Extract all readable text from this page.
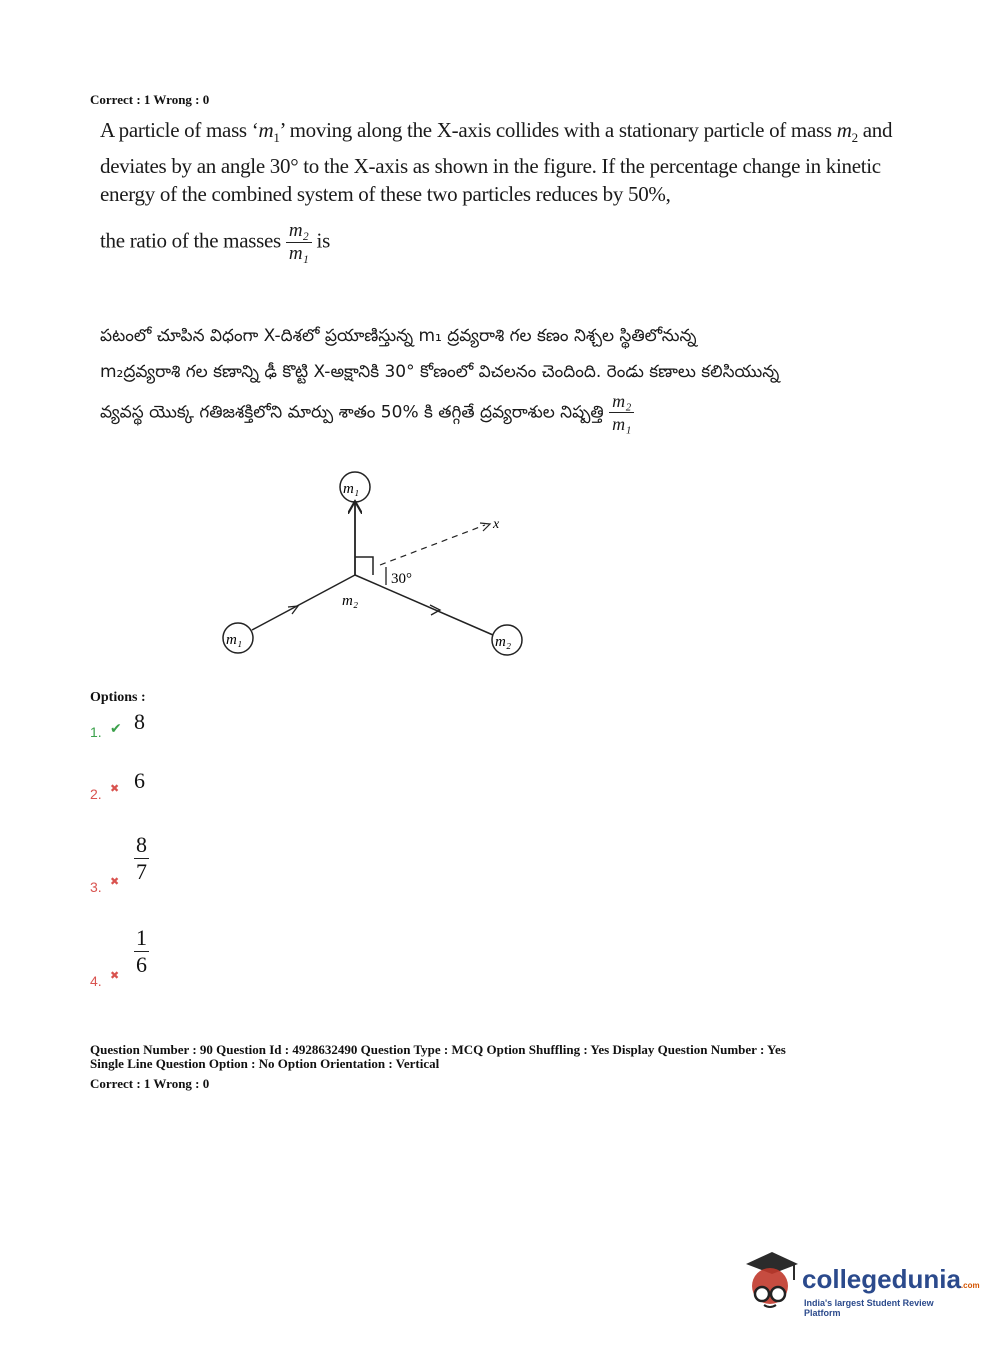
Correct : 1 Wrong : 0
A particle of mass ‘$m_1$’ moving along the X-axis collides with a stationary particle of mass $m_2$ and deviates by an angle 30° to the X-axis as shown in the figure. If the percentage change in kinetic energy of the combined system of these two particles reduces by 50%,
the ratio of the masses $\frac{\text{m₂}}{\text{m₁}}$ is
పటంలో చూపిన విధంగా X-దిశలో ప్రయాణిస్తున్న m₁ ద్రవ్యరాశి గల కణం నిశ్చల స్థితిలోనున్న
m₂ద్రవ్యరాశి గల కణాన్ని ఢీ కొట్టి X-అక్షానికి 30° కోణంలో విచలనం చెందింది. రెండు కణాలు కలిసియున్న
వ్యవస్థ యొక్క గతిజశక్తిలోని మార్పు శాతం 50% కి తగ్గితే ద్రవ్యరాశుల నిష్పత్తి $\frac{\text{m₂}}{\text{m₁}}$
m₁
m₁	m₂
x
30°
m₂
Options :
1. ✔ 8
2. ✖ 6
3. ✖ $\frac{8}{7}$
4. ✖ $\frac{1}{6}$
Question Number : 90 Question Id : 4928632490 Question Type : MCQ Option Shuffling : Yes Display Question Number : Yes
Single Line Question Option : No Option Orientation : Vertical
Correct : 1 Wrong : 0
collegedunia.com
India's largest Student Review Platform
